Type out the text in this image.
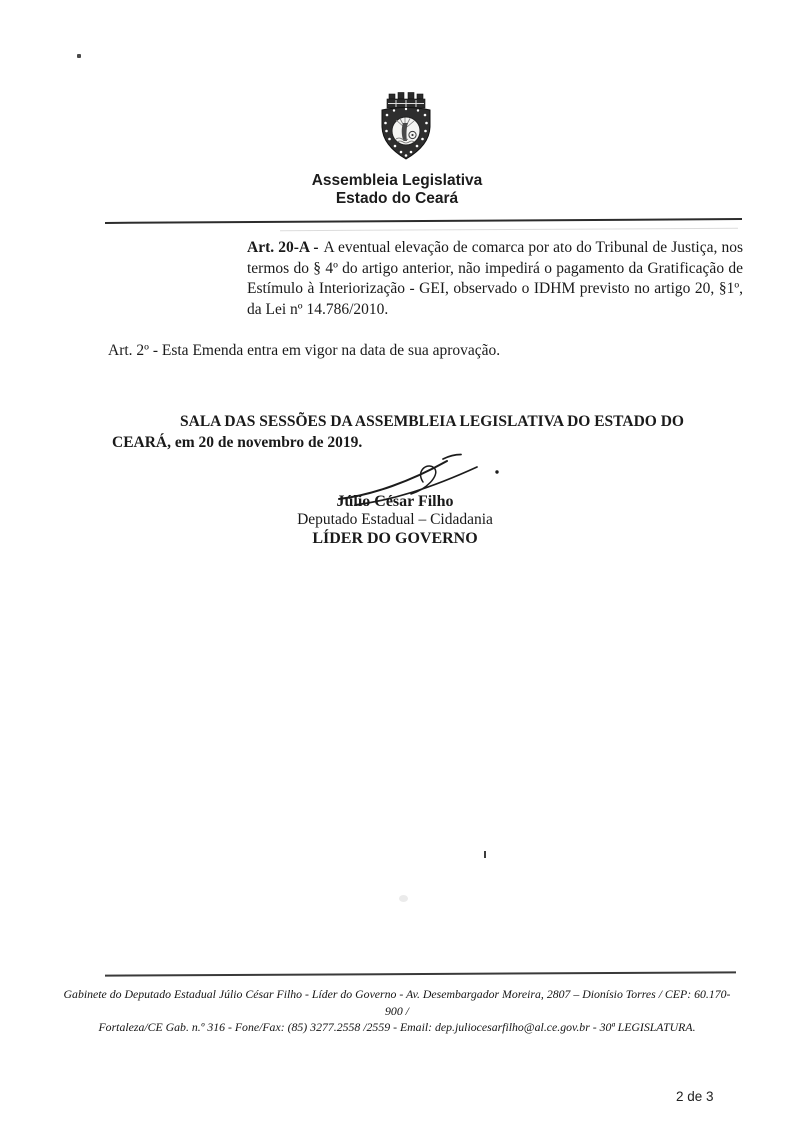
Assembleia Legislativa
Estado do Ceará

Art. 20-A - A eventual elevação de comarca por ato do Tribunal de Justiça, nos termos do § 4º do artigo anterior, não impedirá o pagamento da Gratificação de Estímulo à Interiorização - GEI, observado o IDHM previsto no artigo 20, §1º, da Lei nº 14.786/2010.

Art. 2º - Esta Emenda entra em vigor na data de sua aprovação.

SALA DAS SESSÕES DA ASSEMBLEIA LEGISLATIVA DO ESTADO DO CEARÁ, em 20 de novembro de 2019.

Júlio César Filho
Deputado Estadual – Cidadania
LÍDER DO GOVERNO
Gabinete do Deputado Estadual Júlio César Filho - Líder do Governo - Av. Desembargador Moreira, 2807 – Dionísio Torres / CEP: 60.170-900 /
Fortaleza/CE Gab. n.º 316 - Fone/Fax: (85) 3277.2558 /2559 - Email: dep.juliocesarfilho@al.ce.gov.br - 30ª LEGISLATURA.
2 de 3
